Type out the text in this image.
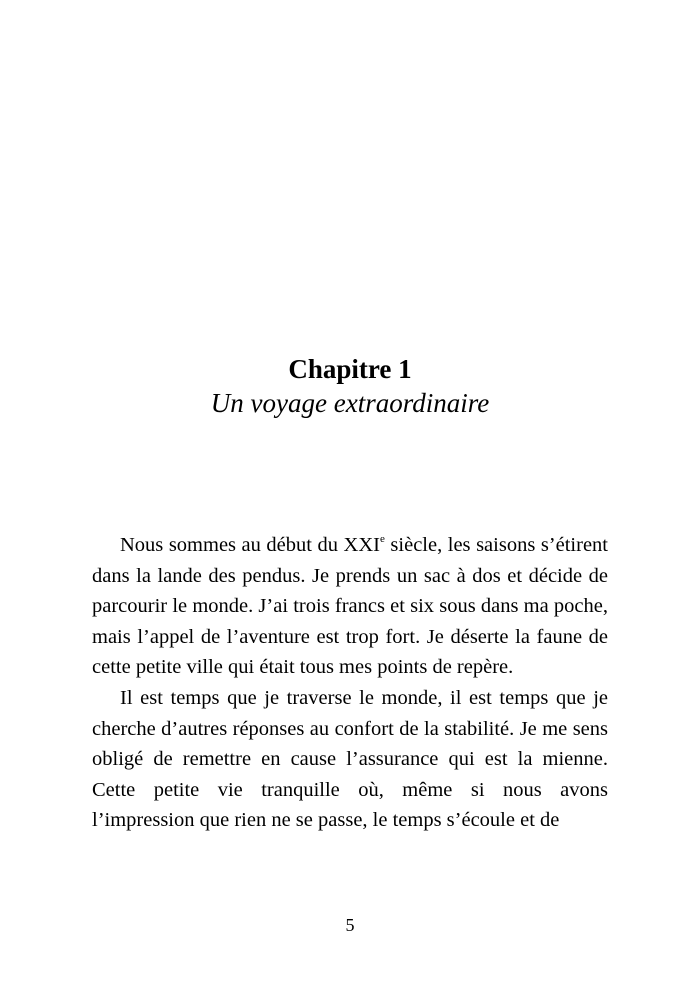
Chapitre 1
Un voyage extraordinaire

Nous sommes au début du XXIe siècle, les saisons s’étirent dans la lande des pendus. Je prends un sac à dos et décide de parcourir le monde. J’ai trois francs et six sous dans ma poche, mais l’appel de l’aventure est trop fort. Je déserte la faune de cette petite ville qui était tous mes points de repère.

Il est temps que je traverse le monde, il est temps que je cherche d’autres réponses au confort de la stabilité. Je me sens obligé de remettre en cause l’assurance qui est la mienne. Cette petite vie tranquille où, même si nous avons l’impression que rien ne se passe, le temps s’écoule et de

5
